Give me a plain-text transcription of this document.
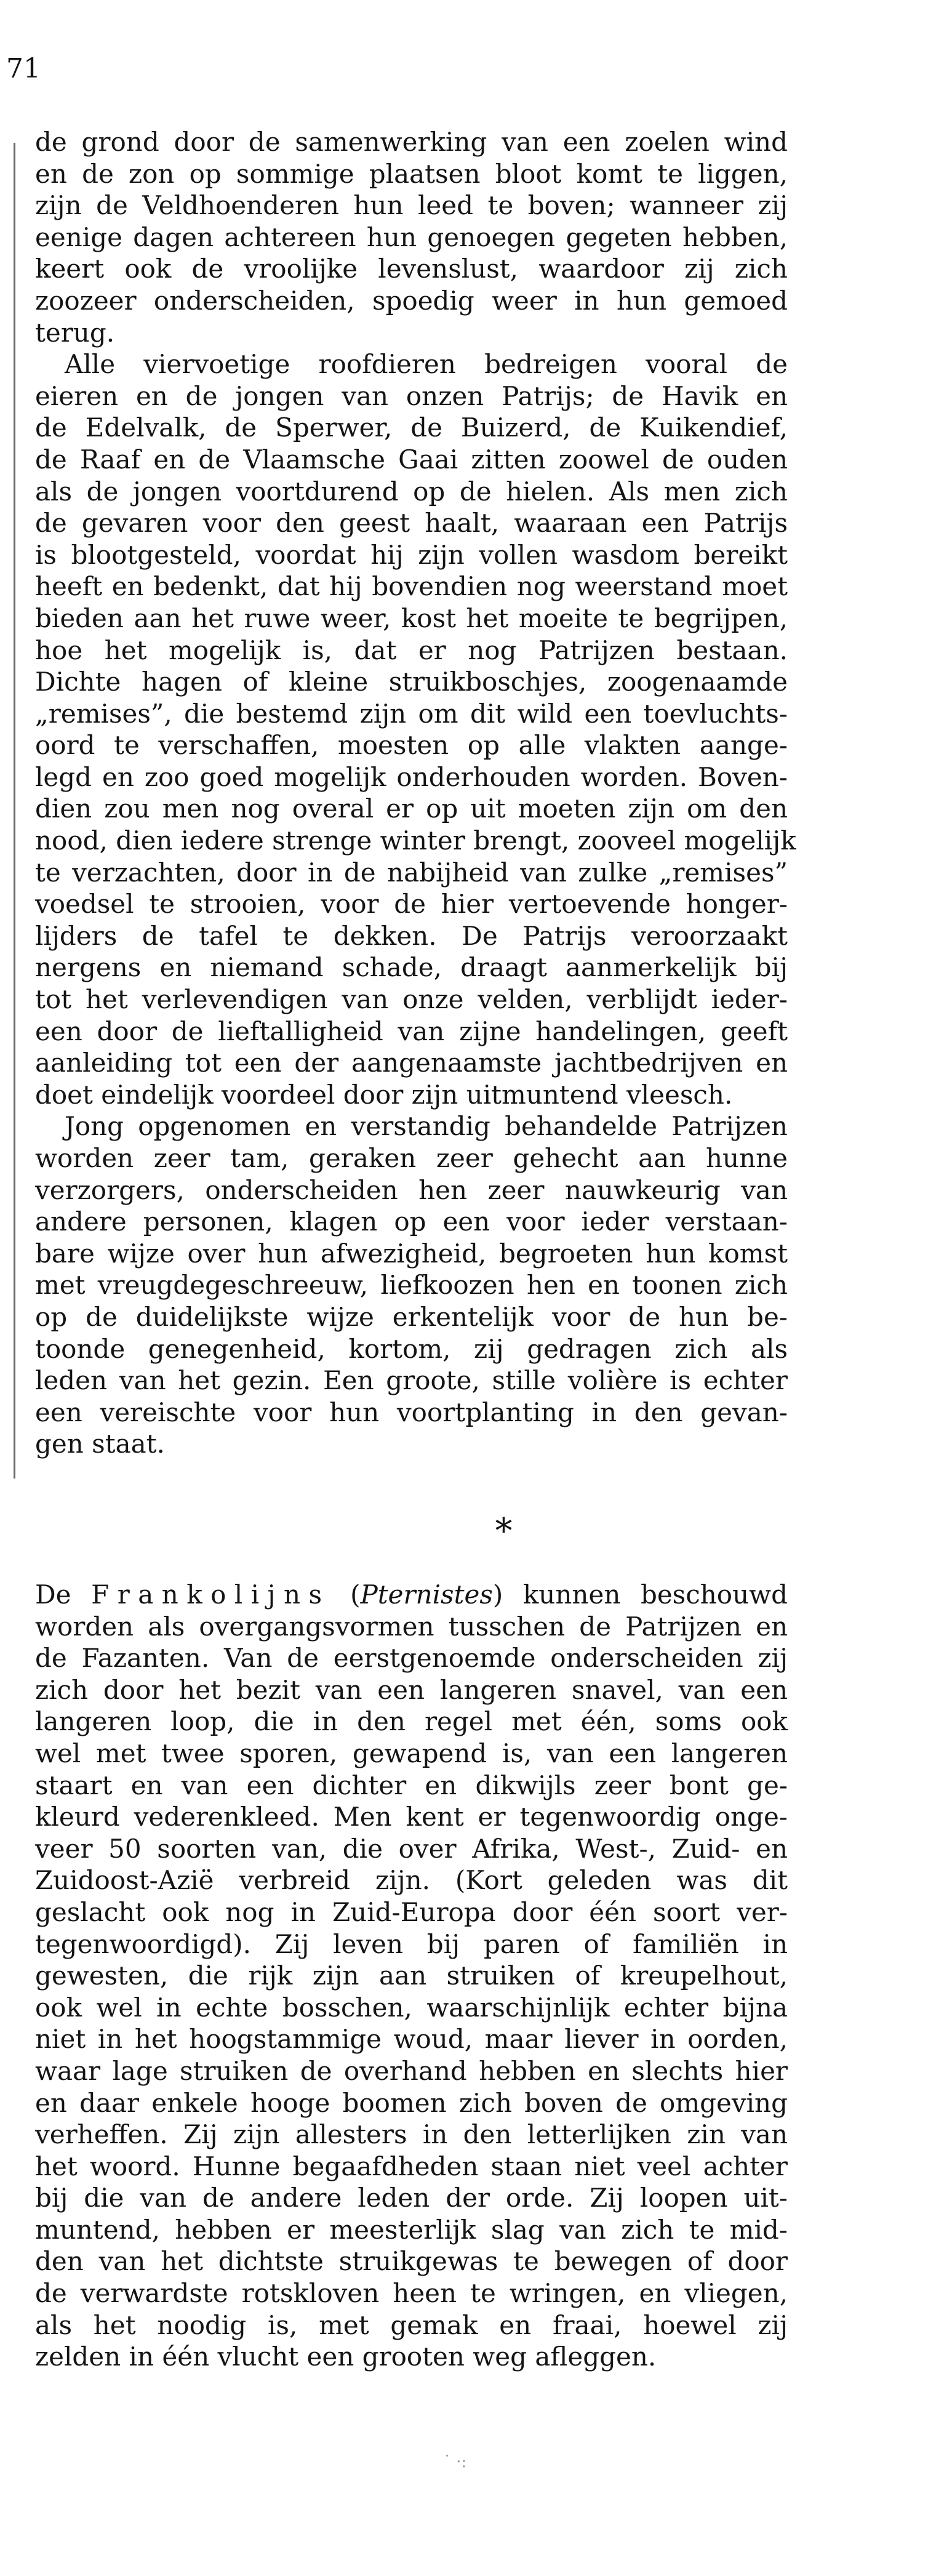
71
de grond door de samenwerking van een zoelen wind
en de zon op sommige plaatsen bloot komt te liggen,
zijn de Veldhoenderen hun leed te boven; wanneer zij
eenige dagen achtereen hun genoegen gegeten hebben,
keert ook de vroolijke levenslust, waardoor zij zich
zoozeer onderscheiden, spoedig weer in hun gemoed
terug.
Alle viervoetige roofdieren bedreigen vooral de
eieren en de jongen van onzen Patrijs; de Havik en
de Edelvalk, de Sperwer, de Buizerd, de Kuikendief,
de Raaf en de Vlaamsche Gaai zitten zoowel de ouden
als de jongen voortdurend op de hielen. Als men zich
de gevaren voor den geest haalt, waaraan een Patrijs
is blootgesteld, voordat hij zijn vollen wasdom bereikt
heeft en bedenkt, dat hij bovendien nog weerstand moet
bieden aan het ruwe weer, kost het moeite te begrijpen,
hoe het mogelijk is, dat er nog Patrijzen bestaan.
Dichte hagen of kleine struikboschjes, zoogenaamde
„remises”, die bestemd zijn om dit wild een toevluchts-
oord te verschaffen, moesten op alle vlakten aange-
legd en zoo goed mogelijk onderhouden worden. Boven-
dien zou men nog overal er op uit moeten zijn om den
nood, dien iedere strenge winter brengt, zooveel mogelijk
te verzachten, door in de nabijheid van zulke „remises”
voedsel te strooien, voor de hier vertoevende honger-
lijders de tafel te dekken. De Patrijs veroorzaakt
nergens en niemand schade, draagt aanmerkelijk bij
tot het verlevendigen van onze velden, verblijdt ieder-
een door de lieftalligheid van zijne handelingen, geeft
aanleiding tot een der aangenaamste jachtbedrijven en
doet eindelijk voordeel door zijn uitmuntend vleesch.
Jong opgenomen en verstandig behandelde Patrijzen
worden zeer tam, geraken zeer gehecht aan hunne
verzorgers, onderscheiden hen zeer nauwkeurig van
andere personen, klagen op een voor ieder verstaan-
bare wijze over hun afwezigheid, begroeten hun komst
met vreugdegeschreeuw, liefkoozen hen en toonen zich
op de duidelijkste wijze erkentelijk voor de hun be-
toonde genegenheid, kortom, zij gedragen zich als
leden van het gezin. Een groote, stille volière is echter
een vereischte voor hun voortplanting in den gevan-
gen staat.
*
De Frankolijns (Pternistes) kunnen beschouwd
worden als overgangsvormen tusschen de Patrijzen en
de Fazanten. Van de eerstgenoemde onderscheiden zij
zich door het bezit van een langeren snavel, van een
langeren loop, die in den regel met één, soms ook
wel met twee sporen, gewapend is, van een langeren
staart en van een dichter en dikwijls zeer bont ge-
kleurd vederenkleed. Men kent er tegenwoordig onge-
veer 50 soorten van, die over Afrika, West-, Zuid- en
Zuidoost-Azië verbreid zijn. (Kort geleden was dit
geslacht ook nog in Zuid-Europa door één soort ver-
tegenwoordigd). Zij leven bij paren of familiën in
gewesten, die rijk zijn aan struiken of kreupelhout,
ook wel in echte bosschen, waarschijnlijk echter bijna
niet in het hoogstammige woud, maar liever in oorden,
waar lage struiken de overhand hebben en slechts hier
en daar enkele hooge boomen zich boven de omgeving
verheffen. Zij zijn allesters in den letterlijken zin van
het woord. Hunne begaafdheden staan niet veel achter
bij die van de andere leden der orde. Zij loopen uit-
muntend, hebben er meesterlijk slag van zich te mid-
den van het dichtste struikgewas te bewegen of door
de verwardste rotskloven heen te wringen, en vliegen,
als het noodig is, met gemak en fraai, hoewel zij
zelden in één vlucht een grooten weg afleggen.
˙ ·:
